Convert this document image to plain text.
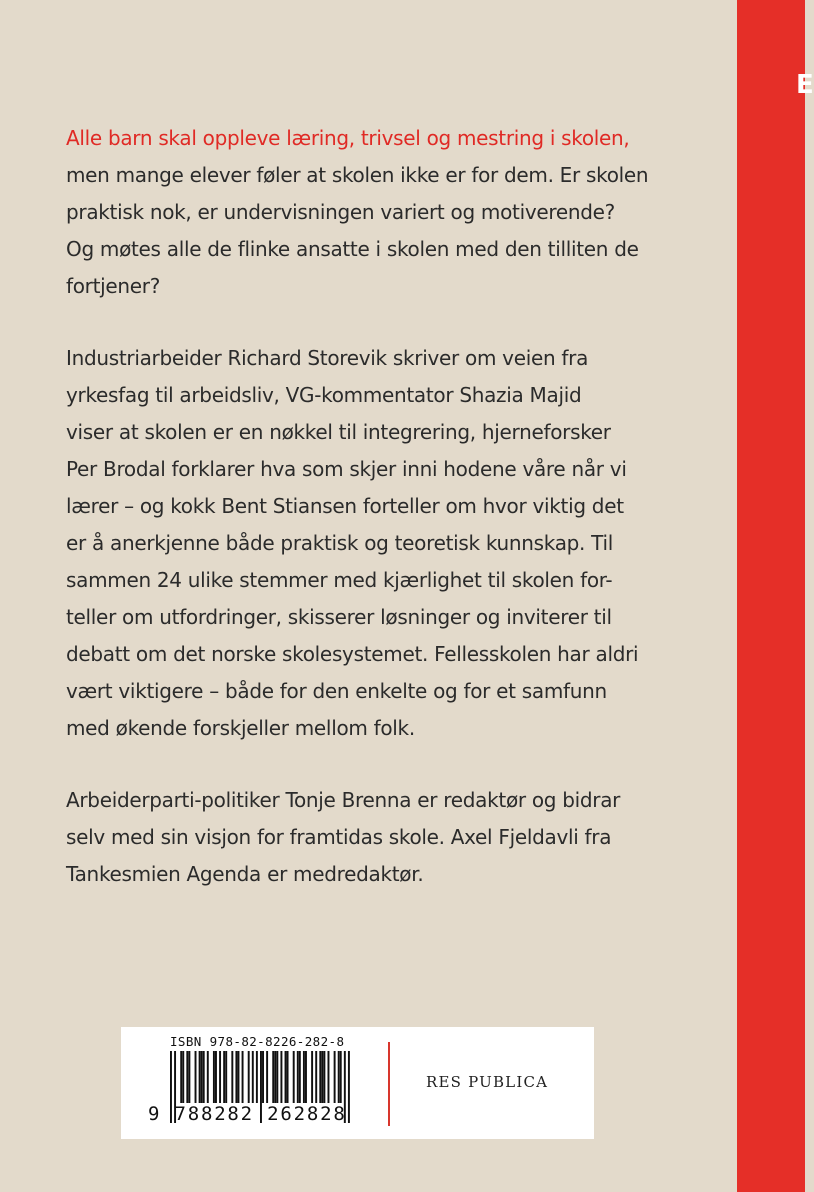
E
Alle barn skal oppleve læring, trivsel og mestring i skolen,
men mange elever føler at skolen ikke er for dem. Er skolen
praktisk nok, er undervisningen variert og motiverende?
Og møtes alle de flinke ansatte i skolen med den tilliten de
fortjener?
Industriarbeider Richard Storevik skriver om veien fra
yrkesfag til arbeidsliv, VG-kommentator Shazia Majid
viser at skolen er en nøkkel til integrering, hjerneforsker
Per Brodal forklarer hva som skjer inni hodene våre når vi
lærer – og kokk Bent Stiansen forteller om hvor viktig det
er å anerkjenne både praktisk og teoretisk kunnskap. Til
sammen 24 ulike stemmer med kjærlighet til skolen for-
teller om utfordringer, skisserer løsninger og inviterer til
debatt om det norske skolesystemet. Fellesskolen har aldri
vært viktigere – både for den enkelte og for et samfunn
med økende forskjeller mellom folk.
Arbeiderparti-politiker Tonje Brenna er redaktør og bidrar
selv med sin visjon for framtidas skole. Axel Fjeldavli fra
Tankesmien Agenda er medredaktør.
ISBN 978-82-8226-282-8
9 788282 262828
RES PUBLICA
